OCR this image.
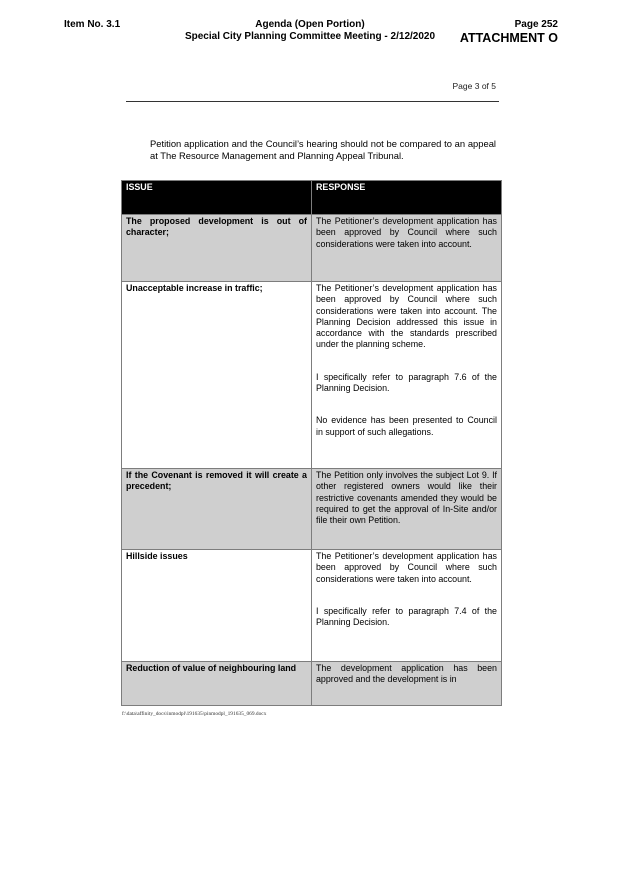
Item No. 3.1	Agenda (Open Portion)
Special City Planning Committee Meeting - 2/12/2020
Page 252
ATTACHMENT O
Page 3 of 5
Petition application and the Council’s hearing should not be compared to an appeal at The Resource Management and Planning Appeal Tribunal.
ISSUE	RESPONSE
The proposed development is out of character;	The Petitioner’s development application has been approved by Council where such considerations were taken into account.

Unacceptable increase in traffic;	The Petitioner’s development application has been approved by Council where such considerations were taken into account. The Planning Decision addressed this issue in accordance with the standards prescribed under the planning scheme.

I specifically refer to paragraph 7.6 of the Planning Decision.

No evidence has been presented to Council in support of such allegations.

If the Covenant is removed it will create a precedent;	The Petition only involves the subject Lot 9. If other registered owners would like their restrictive covenants amended they would be required to get the approval of In-Site and/or file their own Petition.

Hillside issues	The Petitioner’s development application has been approved by Council where such considerations were taken into account.

I specifically refer to paragraph 7.4 of the Planning Decision.

Reduction of value of neighbouring land	The development application has been approved and the development is in

f:\data\affinity_docs\inmodpl\191635\pinmodpl_191635_069.docx
